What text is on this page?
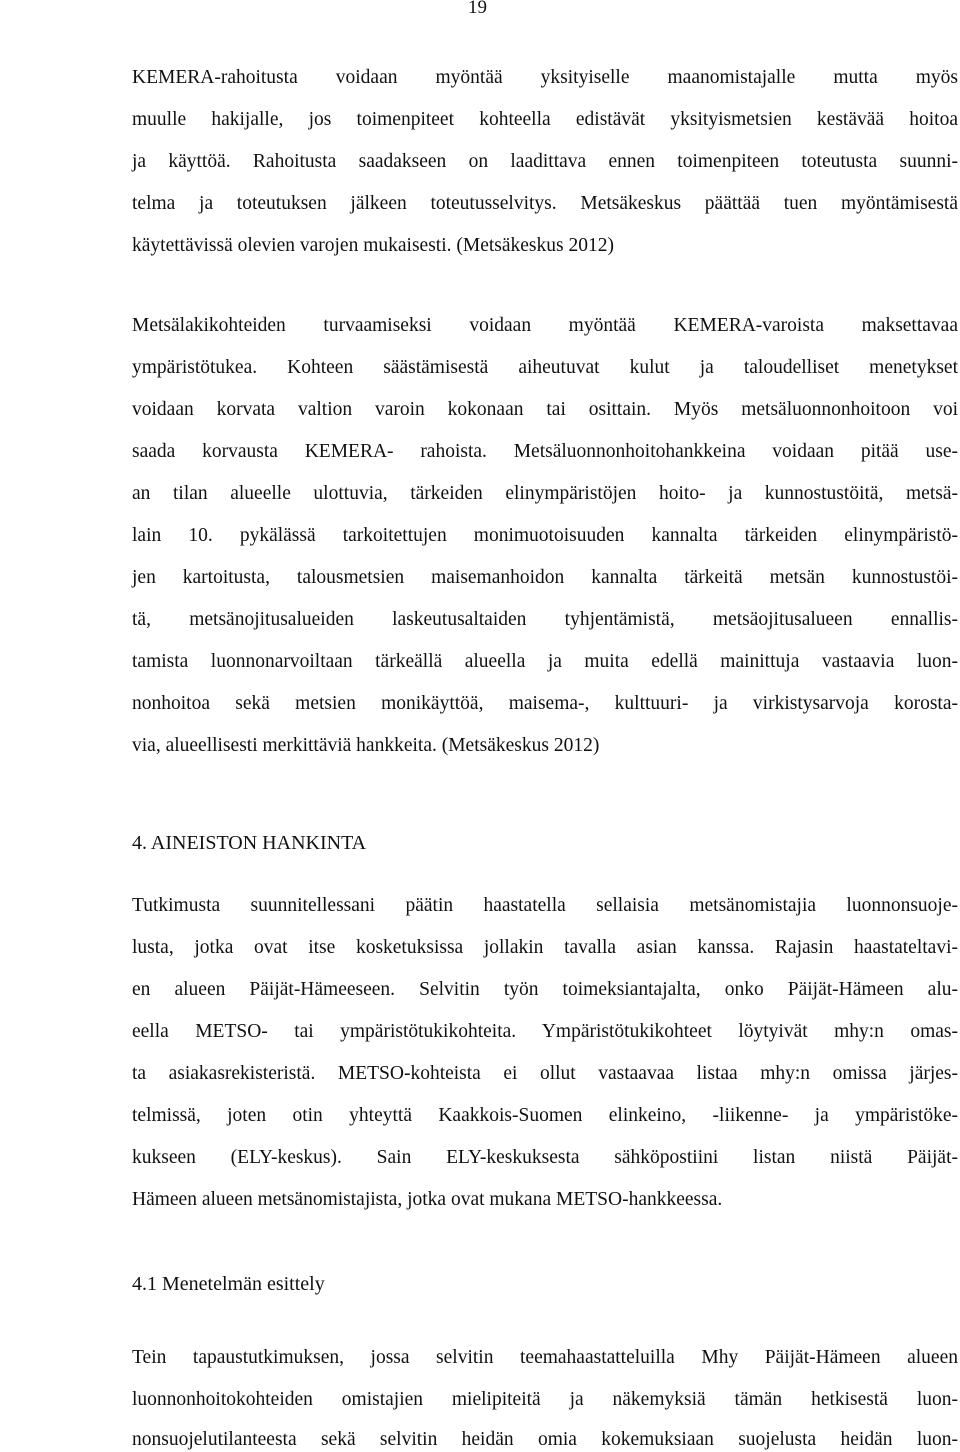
19
KEMERA-rahoitusta voidaan myöntää yksityiselle maanomistajalle mutta myös
muulle hakijalle, jos toimenpiteet kohteella edistävät yksityismetsien kestävää hoitoa
ja käyttöä. Rahoitusta saadakseen on laadittava ennen toimenpiteen toteutusta suunni-
telma ja toteutuksen jälkeen toteutusselvitys. Metsäkeskus päättää tuen myöntämisestä
käytettävissä olevien varojen mukaisesti. (Metsäkeskus 2012)
Metsälakikohteiden turvaamiseksi voidaan myöntää KEMERA-varoista maksettavaa
ympäristötukea. Kohteen säästämisestä aiheutuvat kulut ja taloudelliset menetykset
voidaan korvata valtion varoin kokonaan tai osittain. Myös metsäluonnonhoitoon voi
saada korvausta KEMERA- rahoista. Metsäluonnonhoitohankkeina voidaan pitää use-
an tilan alueelle ulottuvia, tärkeiden elinympäristöjen hoito- ja kunnostustöitä, metsä-
lain 10. pykälässä tarkoitettujen monimuotoisuuden kannalta tärkeiden elinympäristö-
jen kartoitusta, talousmetsien maisemanhoidon kannalta tärkeitä metsän kunnostustöi-
tä, metsänojitusalueiden laskeutusaltaiden tyhjentämistä, metsäojitusalueen ennallis-
tamista luonnonarvoiltaan tärkeällä alueella ja muita edellä mainittuja vastaavia luon-
nonhoitoa sekä metsien monikäyttöä, maisema-, kulttuuri- ja virkistysarvoja korosta-
via, alueellisesti merkittäviä hankkeita. (Metsäkeskus 2012)
4. AINEISTON HANKINTA
Tutkimusta suunnitellessani päätin haastatella sellaisia metsänomistajia luonnonsuoje-
lusta, jotka ovat itse kosketuksissa jollakin tavalla asian kanssa. Rajasin haastateltavi-
en alueen Päijät-Hämeeseen. Selvitin työn toimeksiantajalta, onko Päijät-Hämeen alu-
eella METSO- tai ympäristötukikohteita. Ympäristötukikohteet löytyivät mhy:n omas-
ta asiakasrekisteristä. METSO-kohteista ei ollut vastaavaa listaa mhy:n omissa järjes-
telmissä, joten otin yhteyttä Kaakkois-Suomen elinkeino, -liikenne- ja ympäristöke-
kukseen (ELY-keskus). Sain ELY-keskuksesta sähköpostiini listan niistä Päijät-
Hämeen alueen metsänomistajista, jotka ovat mukana METSO-hankkeessa.
4.1 Menetelmän esittely
Tein tapaustutkimuksen, jossa selvitin teemahaastatteluilla Mhy Päijät-Hämeen alueen
luonnonhoitokohteiden omistajien mielipiteitä ja näkemyksiä tämän hetkisestä luon-
nonsuojelutilanteesta sekä selvitin heidän omia kokemuksiaan suojelusta heidän luon-
